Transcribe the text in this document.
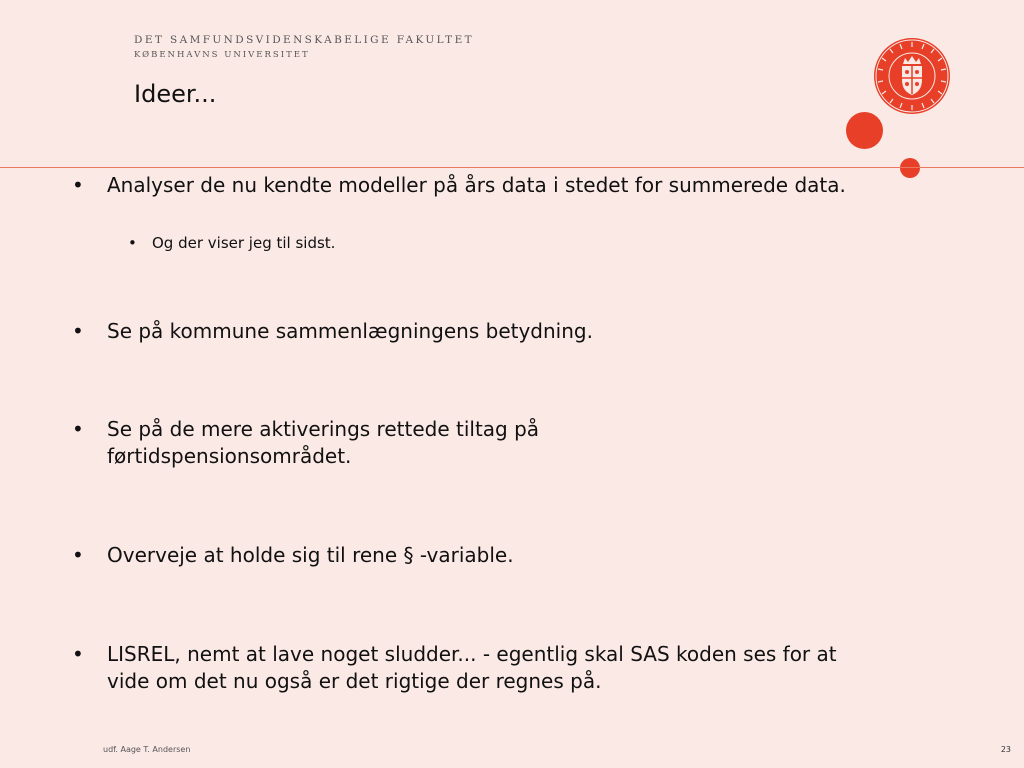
DET SAMFUNDSVIDENSKABELIGE FAKULTET
KØBENHAVNS UNIVERSITET
Ideer...
• Analyser de nu kendte modeller på års data i stedet for summerede data.
• Og der viser jeg til sidst.
• Se på kommune sammenlægningens betydning.
• Se på de mere aktiverings rettede tiltag på førtidspensionsområdet.
• Overveje at holde sig til rene § -variable.
• LISREL, nemt at lave noget sludder... - egentlig skal SAS koden ses for at vide om det nu også er det rigtige der regnes på.
udf. Aage T. Andersen	23
